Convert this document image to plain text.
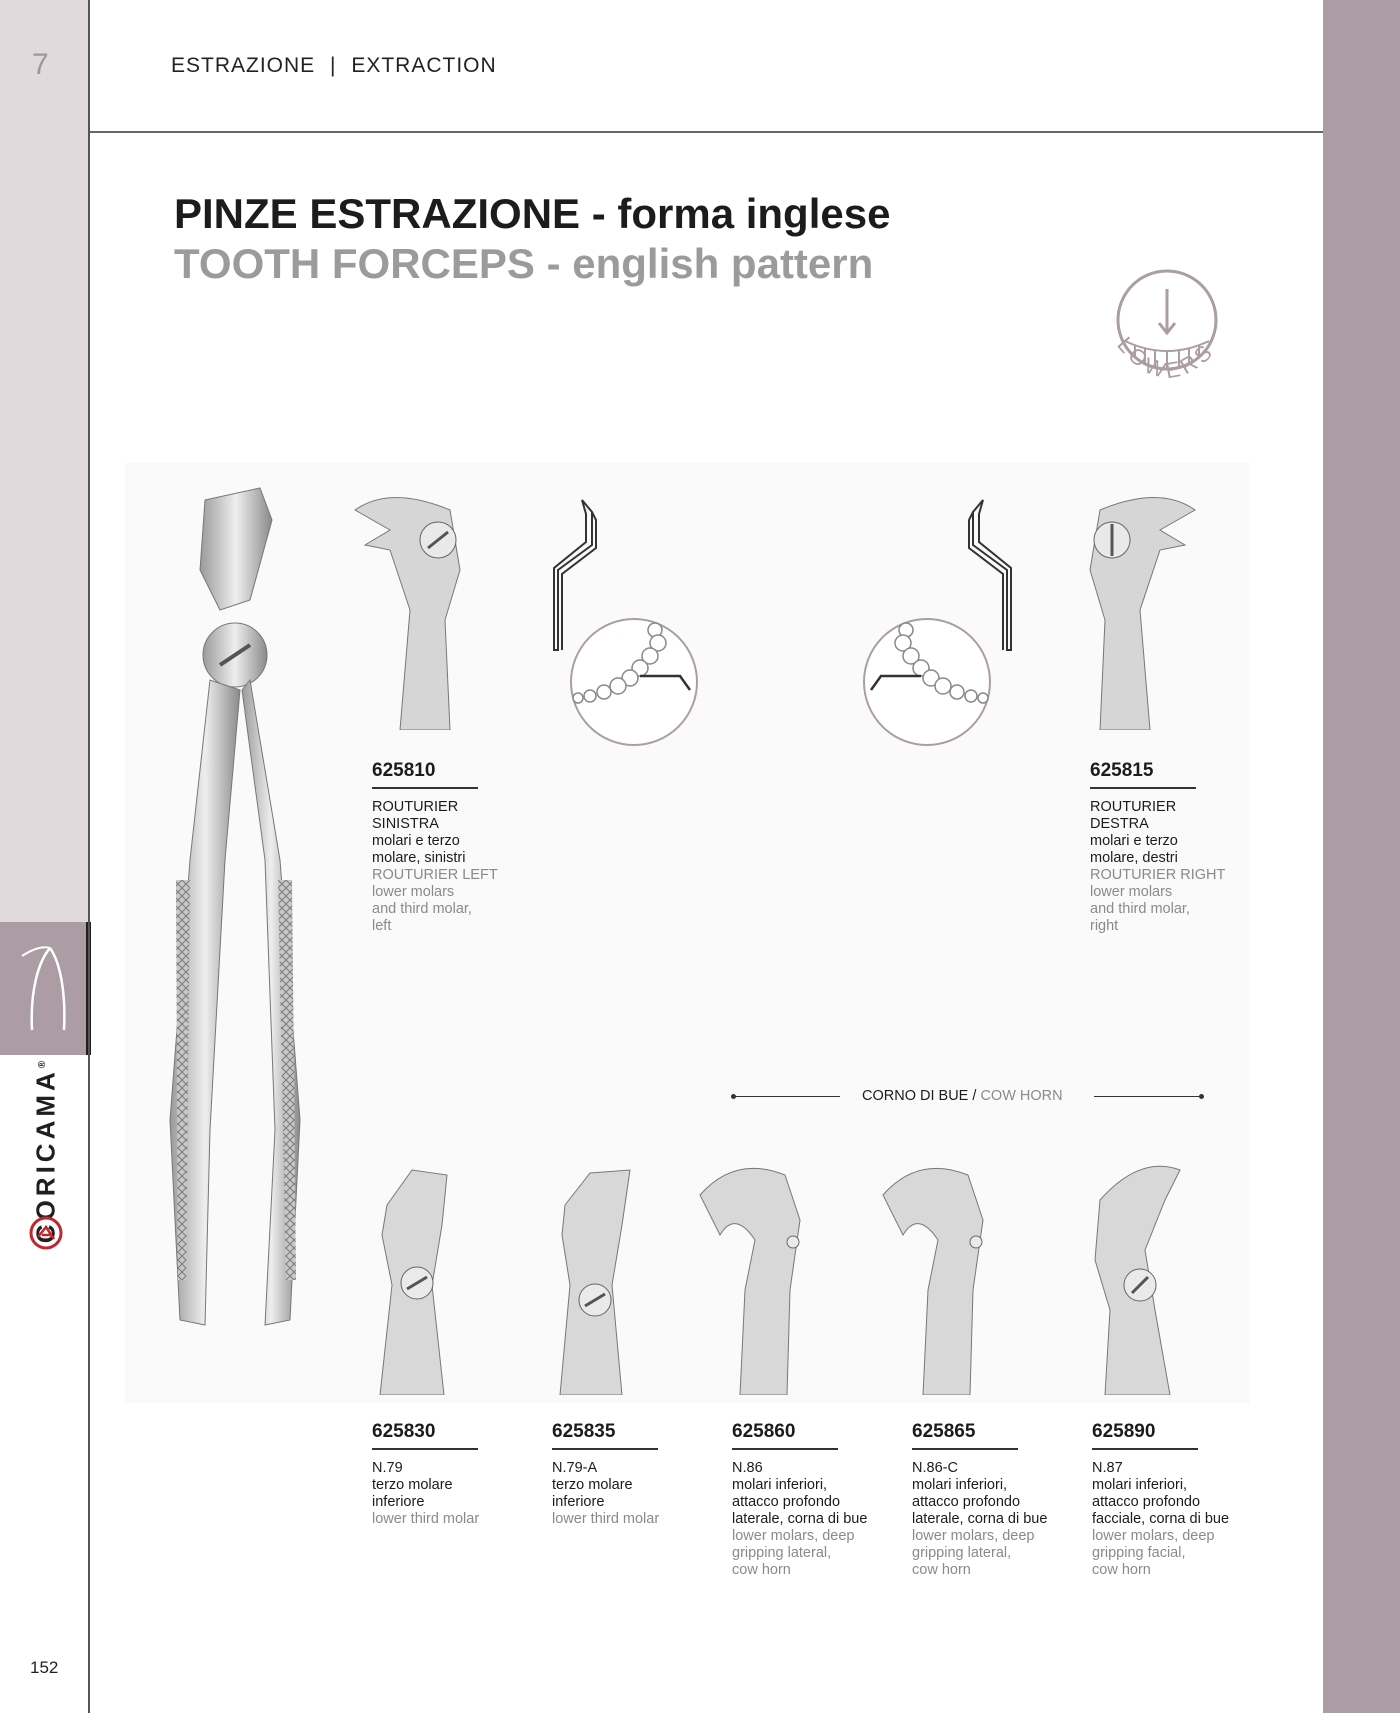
7	ESTRAZIONE | EXTRACTION
PINZE ESTRAZIONE - forma inglese
TOOTH FORCEPS - english pattern
LOWERS
625810
ROUTURIER
SINISTRA
molari e terzo
molare, sinistri
ROUTURIER LEFT
lower molars
and third molar,
left
625815
ROUTURIER
DESTRA
molari e terzo
molare, destri
ROUTURIER RIGHT
lower molars
and third molar,
right
CORNO DI BUE / COW HORN
625830
N.79
terzo molare
inferiore
lower third molar
625835
N.79-A
terzo molare
inferiore
lower third molar
625860
N.86
molari inferiori,
attacco profondo
laterale, corna di bue
lower molars, deep
gripping lateral,
cow horn
625865
N.86-C
molari inferiori,
attacco profondo
laterale, corna di bue
lower molars, deep
gripping lateral,
cow horn
625890
N.87
molari inferiori,
attacco profondo
facciale, corna di bue
lower molars, deep
gripping facial,
cow horn
CORICAMA®
152
